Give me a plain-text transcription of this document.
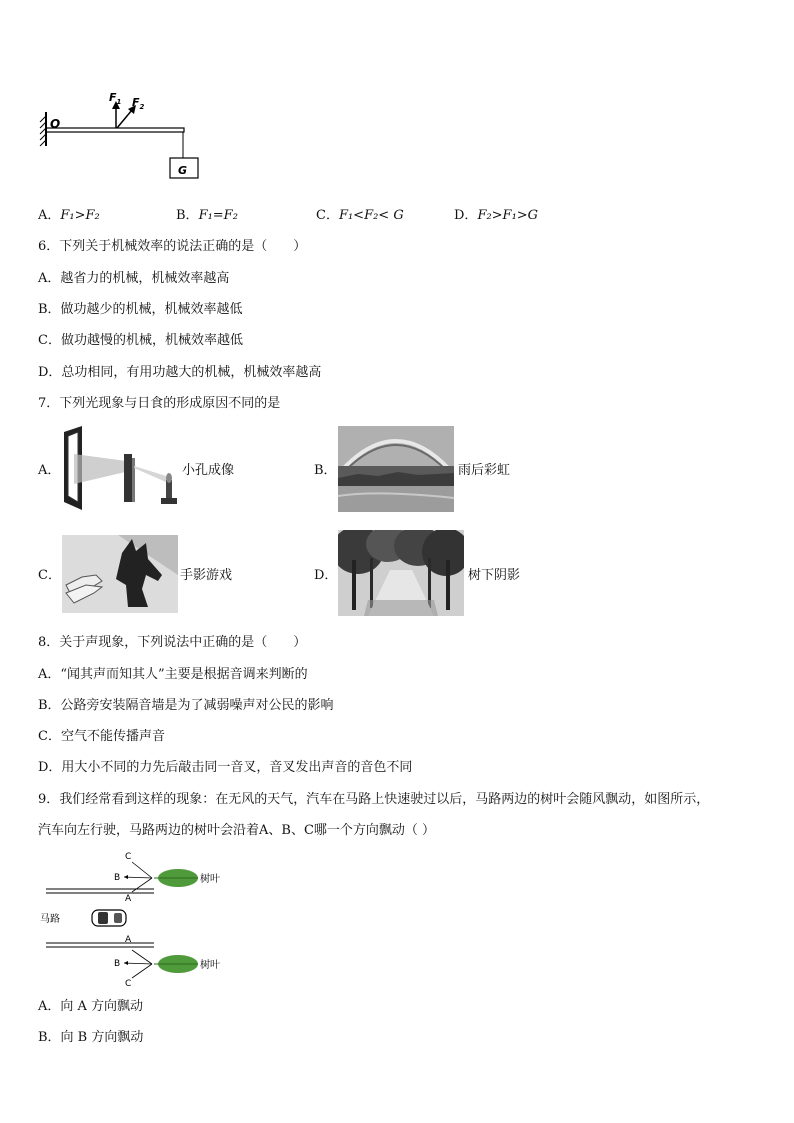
O
$F_1$ $F_2$
G
A．F₁>F₂	B．F₁=F₂	C．F₁<F₂< G	D．F₂>F₁>G
6．下列关于机械效率的说法正确的是（　　）
A．越省力的机械，机械效率越高
B．做功越少的机械，机械效率越低
C．做功越慢的机械，机械效率越低
D．总功相同，有用功越大的机械，机械效率越高
7．下列光现象与日食的形成原因不同的是
A．	小孔成像	B．	雨后彩虹
C．	手影游戏	D．	树下阴影
8．关于声现象，下列说法中正确的是（　　）
A．“闻其声而知其人”主要是根据音调来判断的
B．公路旁安装隔音墙是为了减弱噪声对公民的影响
C．空气不能传播声音
D．用大小不同的力先后敲击同一音叉，音叉发出声音的音色不同
9．我们经常看到这样的现象：在无风的天气，汽车在马路上快速驶过以后，马路两边的树叶会随风飘动，如图所示，
汽车向左行驶，马路两边的树叶会沿着A、B、C哪一个方向飘动（ ）
C
B
A
树叶
马路
A
B
C
树叶
A．向 A 方向飘动
B．向 B 方向飘动
